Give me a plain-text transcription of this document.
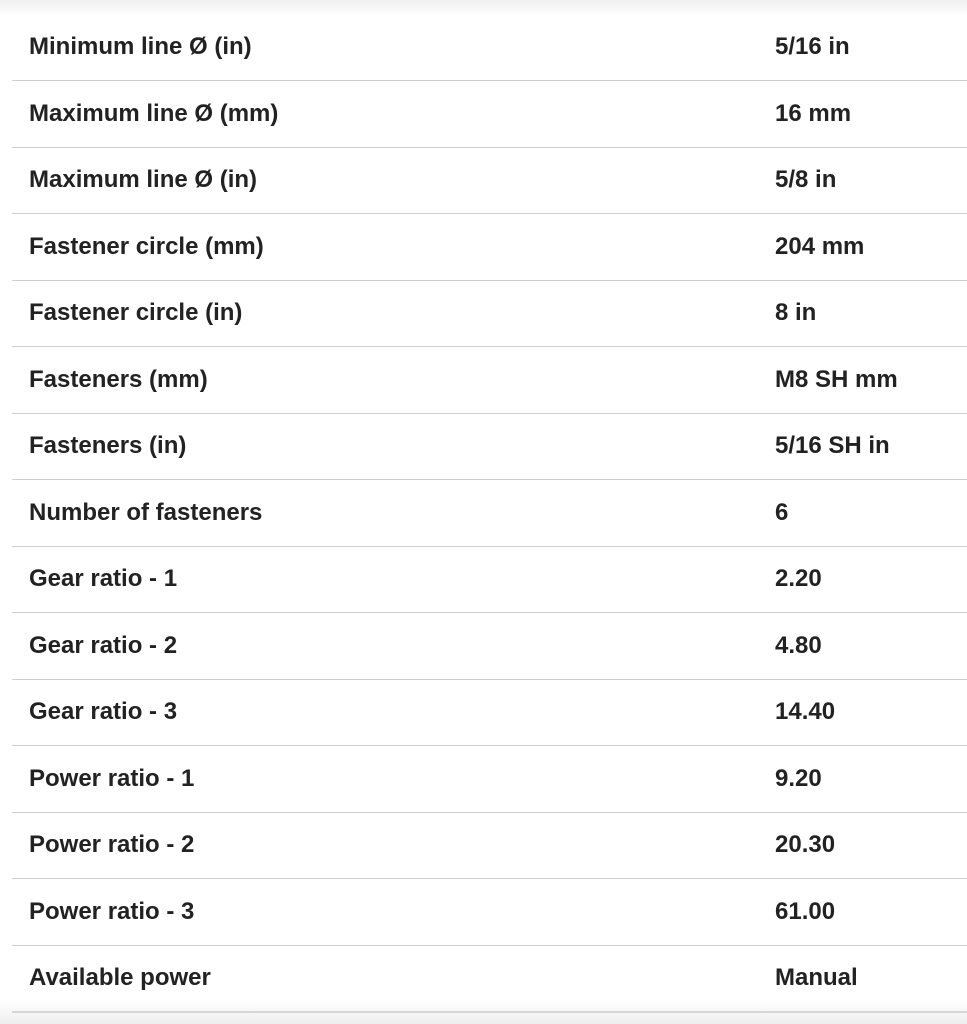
Minimum line Ø (in)	5/16 in
Maximum line Ø (mm)	16 mm
Maximum line Ø (in)	5/8 in
Fastener circle (mm)	204 mm
Fastener circle (in)	8 in
Fasteners (mm)	M8 SH mm
Fasteners (in)	5/16 SH in
Number of fasteners	6
Gear ratio - 1	2.20
Gear ratio - 2	4.80
Gear ratio - 3	14.40
Power ratio - 1	9.20
Power ratio - 2	20.30
Power ratio - 3	61.00
Available power	Manual
